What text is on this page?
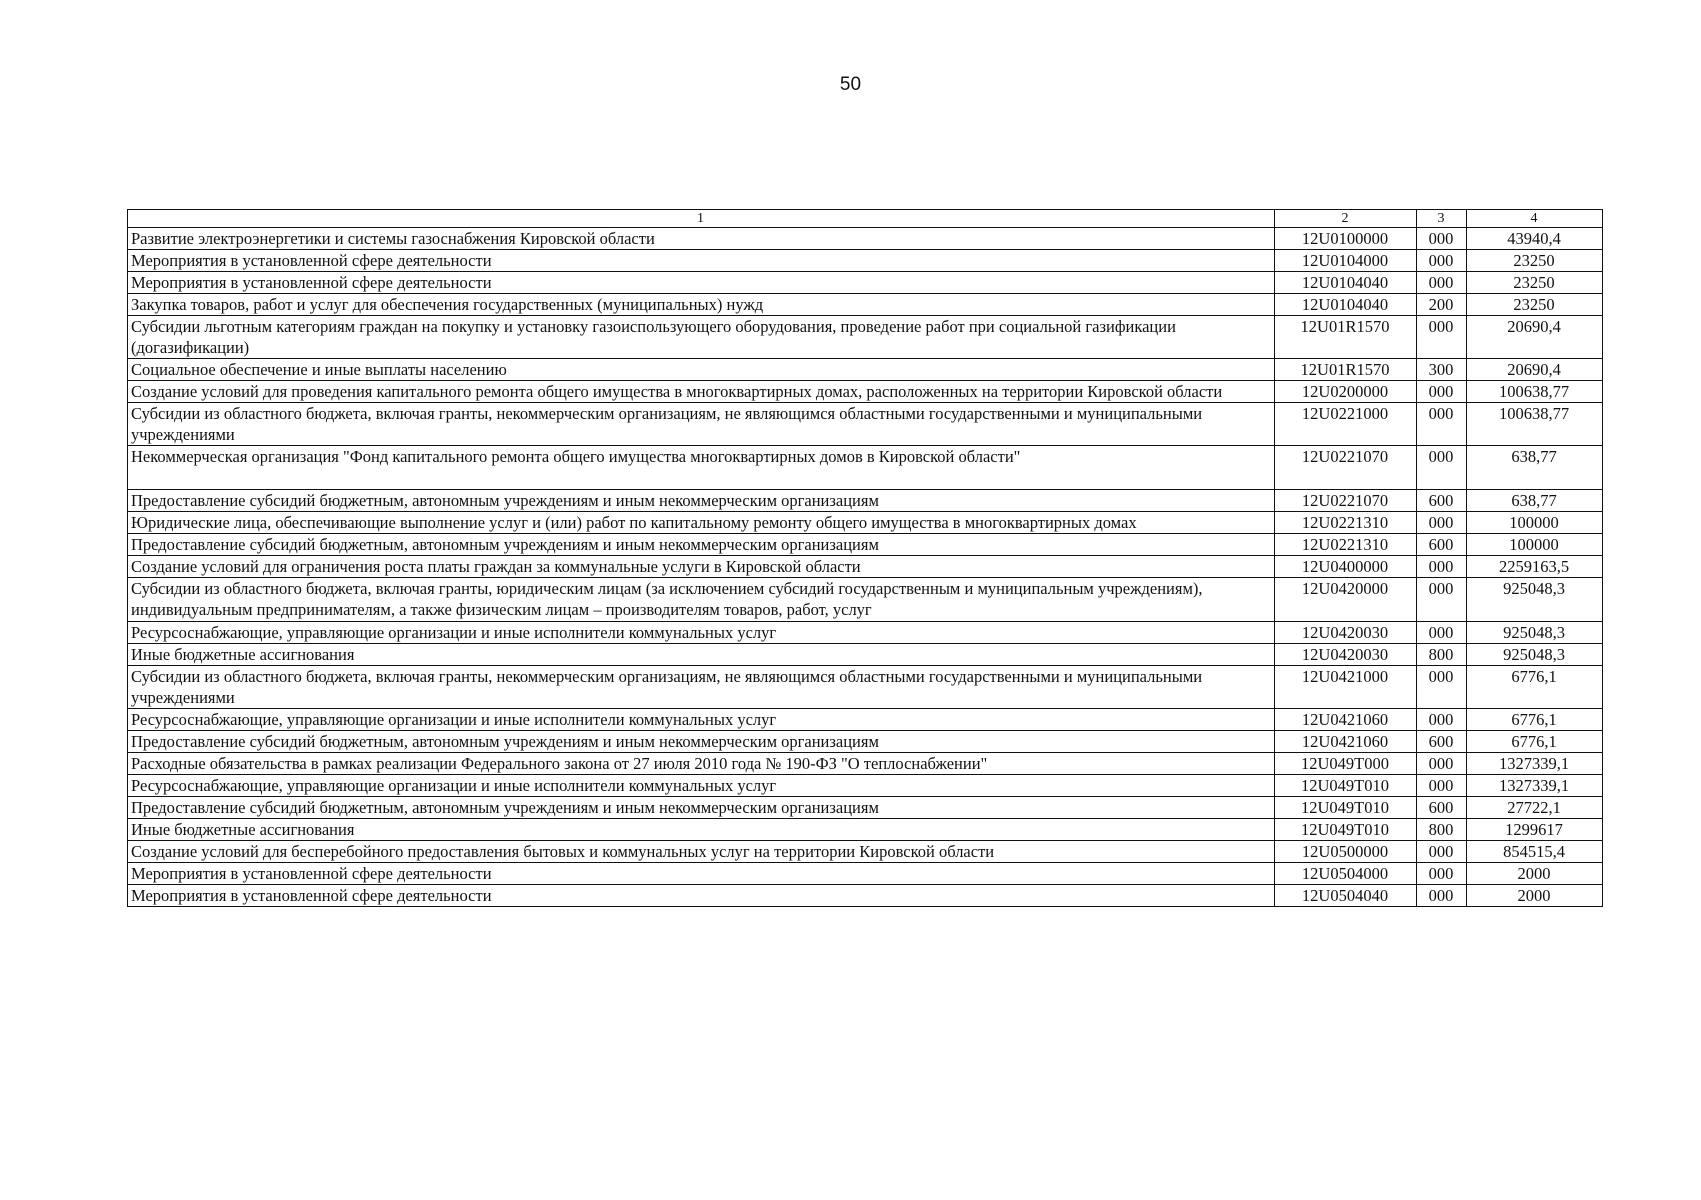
50
1	2	3	4
Развитие электроэнергетики и системы газоснабжения Кировской области	12U0100000	000	43940,4
Мероприятия в установленной сфере деятельности	12U0104000	000	23250
Мероприятия в установленной сфере деятельности	12U0104040	000	23250
Закупка товаров, работ и услуг для обеспечения государственных (муниципальных) нужд	12U0104040	200	23250
Субсидии льготным категориям граждан на покупку и установку газоиспользующего оборудования, проведение работ при социальной газификации (догазификации)	12U01R1570	000	20690,4
Социальное обеспечение и иные выплаты населению	12U01R1570	300	20690,4
Создание условий для проведения капитального ремонта общего имущества в многоквартирных домах, расположенных на территории Кировской области	12U0200000	000	100638,77
Субсидии из областного бюджета, включая гранты, некоммерческим организациям, не являющимся областными государственными и муниципальными учреждениями	12U0221000	000	100638,77
Некоммерческая организация "Фонд капитального ремонта общего имущества многоквартирных домов в Кировской области"	12U0221070	000	638,77
Предоставление субсидий бюджетным, автономным учреждениям и иным некоммерческим организациям	12U0221070	600	638,77
Юридические лица, обеспечивающие выполнение услуг и (или) работ по капитальному ремонту общего имущества в многоквартирных домах	12U0221310	000	100000
Предоставление субсидий бюджетным, автономным учреждениям и иным некоммерческим организациям	12U0221310	600	100000
Создание условий для ограничения роста платы граждан за коммунальные услуги в Кировской области	12U0400000	000	2259163,5
Субсидии из областного бюджета, включая гранты, юридическим лицам (за исключением субсидий государственным и муниципальным учреждениям), индивидуальным предпринимателям, а также физическим лицам – производителям товаров, работ, услуг	12U0420000	000	925048,3
Ресурсоснабжающие, управляющие организации и иные исполнители коммунальных услуг	12U0420030	000	925048,3
Иные бюджетные ассигнования	12U0420030	800	925048,3
Субсидии из областного бюджета, включая гранты, некоммерческим организациям, не являющимся областными государственными и муниципальными учреждениями	12U0421000	000	6776,1
Ресурсоснабжающие, управляющие организации и иные исполнители коммунальных услуг	12U0421060	000	6776,1
Предоставление субсидий бюджетным, автономным учреждениям и иным некоммерческим организациям	12U0421060	600	6776,1
Расходные обязательства в рамках реализации Федерального закона от 27 июля 2010 года № 190-ФЗ "О теплоснабжении"	12U049T000	000	1327339,1
Ресурсоснабжающие, управляющие организации и иные исполнители коммунальных услуг	12U049T010	000	1327339,1
Предоставление субсидий бюджетным, автономным учреждениям и иным некоммерческим организациям	12U049T010	600	27722,1
Иные бюджетные ассигнования	12U049T010	800	1299617
Создание условий для бесперебойного предоставления бытовых и коммунальных услуг на территории Кировской области	12U0500000	000	854515,4
Мероприятия в установленной сфере деятельности	12U0504000	000	2000
Мероприятия в установленной сфере деятельности	12U0504040	000	2000
